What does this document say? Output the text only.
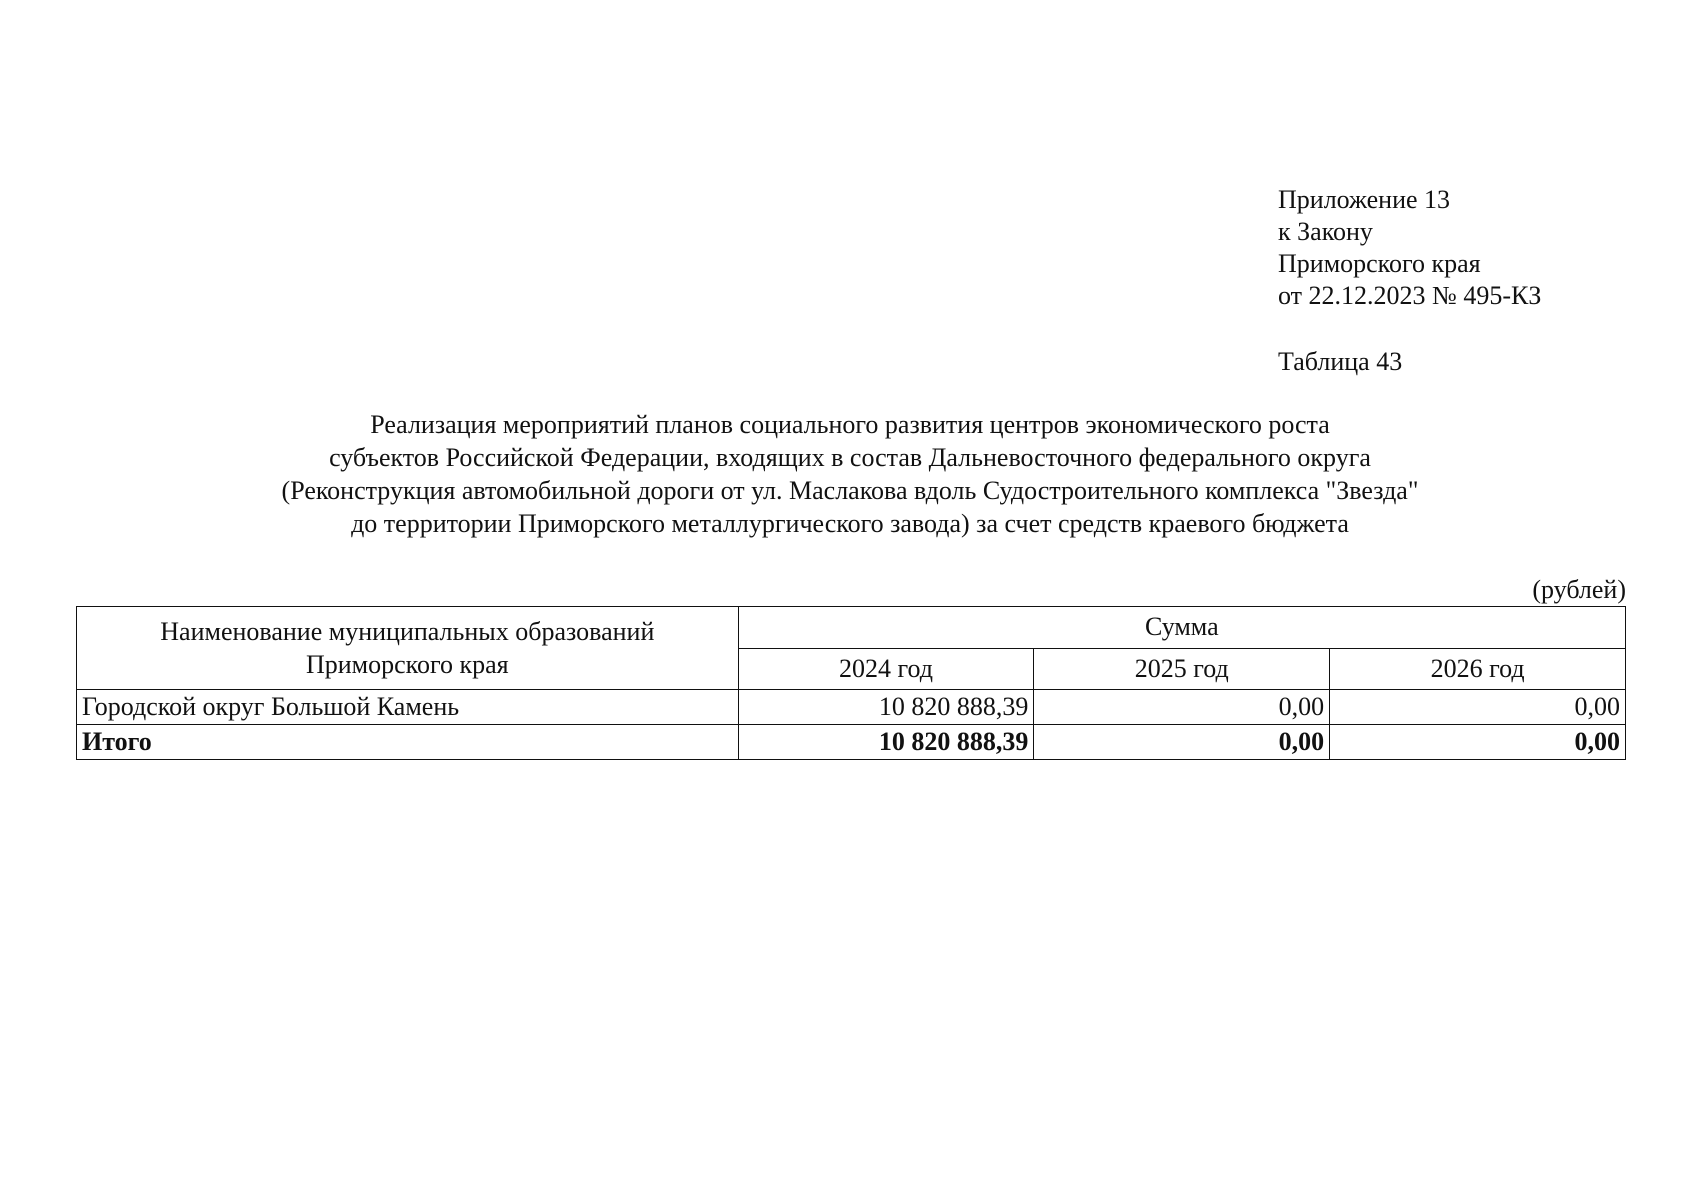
Приложение 13
к Закону
Приморского края
от 22.12.2023 № 495-КЗ
Таблица 43
Реализация мероприятий планов социального развития центров экономического роста
субъектов Российской Федерации, входящих в состав Дальневосточного федерального округа
(Реконструкция автомобильной дороги от ул. Маслакова вдоль Судостроительного комплекса "Звезда"
до территории Приморского металлургического завода) за счет средств краевого бюджета
(рублей)
Наименование муниципальных образований
Приморского края	Сумма		
	2024 год	2025 год	2026 год
Городской округ Большой Камень	10 820 888,39	0,00	0,00
Итого	10 820 888,39	0,00	0,00
